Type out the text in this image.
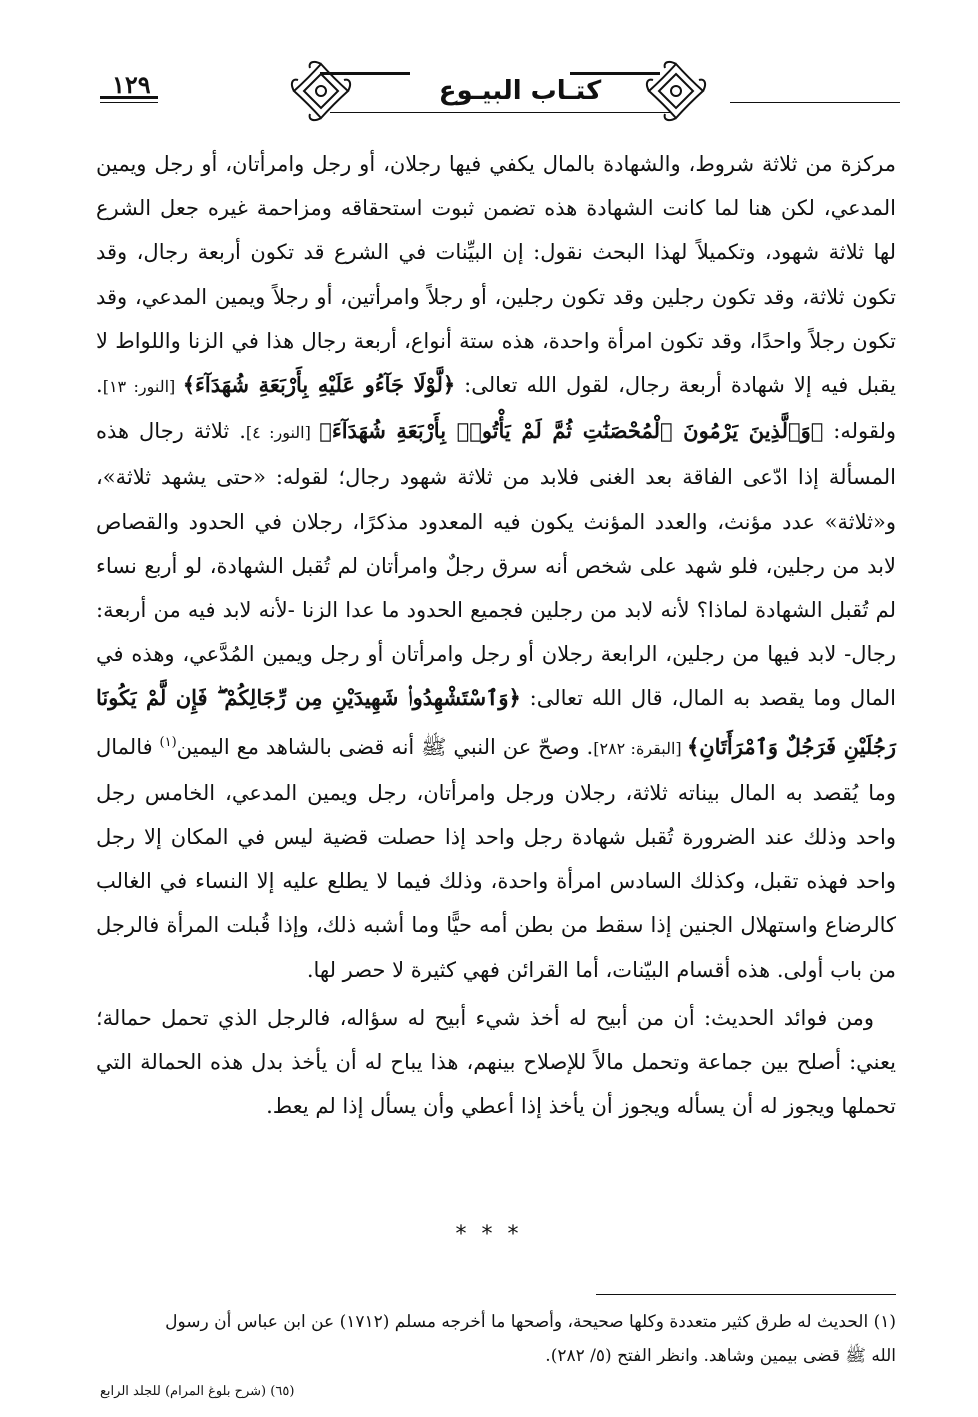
١٢٩	كتـاب البيـوع

مركزة من ثلاثة شروط، والشهادة بالمال يكفي فيها رجلان، أو رجل وامرأتان، أو رجل ويمين المدعي، لكن هنا لما كانت الشهادة هذه تضمن ثبوت استحقاقه ومزاحمة غيره جعل الشرع لها ثلاثة شهود، وتكميلاً لهذا البحث نقول: إن البيِّنات في الشرع قد تكون أربعة رجال، وقد تكون ثلاثة، وقد تكون رجلين وقد تكون رجلين، أو رجلاً وامرأتين، أو رجلاً ويمين المدعي، وقد تكون رجلاً واحدًا، وقد تكون امرأة واحدة، هذه ستة أنواع، أربعة رجال هذا في الزنا واللواط لا يقبل فيه إلا شهادة أربعة رجال، لقول الله تعالى: ﴿لَّوْلَا جَآءُو عَلَيْهِ بِأَرْبَعَةِ شُهَدَآءَ﴾ [النور: ١٣]. ولقوله: ﴿وَٱلَّذِينَ يَرْمُونَ ٱلْمُحْصَنَٰتِ ثُمَّ لَمْ يَأْتُوا۟ بِأَرْبَعَةِ شُهَدَآءَ﴾ [النور: ٤]. ثلاثة رجال هذه المسألة إذا ادّعى الفاقة بعد الغنى فلابد من ثلاثة شهود رجال؛ لقوله: «حتى يشهد ثلاثة»، و«ثلاثة» عدد مؤنث، والعدد المؤنث يكون فيه المعدود مذكرًا، رجلان في الحدود والقصاص لابد من رجلين، فلو شهد على شخص أنه سرق رجلٌ وامرأتان لم تُقبل الشهادة، لو أربع نساء لم تُقبل الشهادة لماذا؟ لأنه لابد من رجلين فجميع الحدود ما عدا الزنا -لأنه لابد فيه من أربعة: رجال- لابد فيها من رجلين، الرابعة رجلان أو رجل وامرأتان أو رجل ويمين المُدَّعي، وهذه في المال وما يقصد به المال، قال الله تعالى: ﴿وَٱسْتَشْهِدُوا۟ شَهِيدَيْنِ مِن رِّجَالِكُمْ ۖ فَإِن لَّمْ يَكُونَا رَجُلَيْنِ فَرَجُلٌ وَٱمْرَأَتَانِ﴾ [البقرة: ٢٨٢]. وصحّ عن النبي ﷺ أنه قضى بالشاهد مع اليمين$^{(١)}$ فالمال وما يُقصد به المال بيناته ثلاثة، رجلان ورجل وامرأتان، رجل ويمين المدعي، الخامس رجل واحد وذلك عند الضرورة تُقبل شهادة رجل واحد إذا حصلت قضية ليس في المكان إلا رجل واحد فهذه تقبل، وكذلك السادس امرأة واحدة، وذلك فيما لا يطلع عليه إلا النساء في الغالب كالرضاع واستهلال الجنين إذا سقط من بطن أمه حيًّا وما أشبه ذلك، وإذا قُبلت المرأة فالرجل من باب أولى. هذه أقسام البيّنات، أما القرائن فهي كثيرة لا حصر لها.

ومن فوائد الحديث: أن من أبيح له أخذ شيء أبيح له سؤاله، فالرجل الذي تحمل حمالة؛ يعني: أصلح بين جماعة وتحمل مالاً للإصلاح بينهم، هذا يباح له أن يأخذ بدل هذه الحمالة التي تحملها ويجوز له أن يسأله ويجوز أن يأخذ إذا أعطي وأن يسأل إذا لم يعط.

* * *

(١) الحديث له طرق كثير متعددة وكلها صحيحة، وأصحها ما أخرجه مسلم (١٧١٢) عن ابن عباس أن رسول

الله ﷺ قضى بيمين وشاهد. وانظر الفتح (٥/ ٢٨٢).

(٦٥) (شرح بلوغ المرام) للجلد الرابع
